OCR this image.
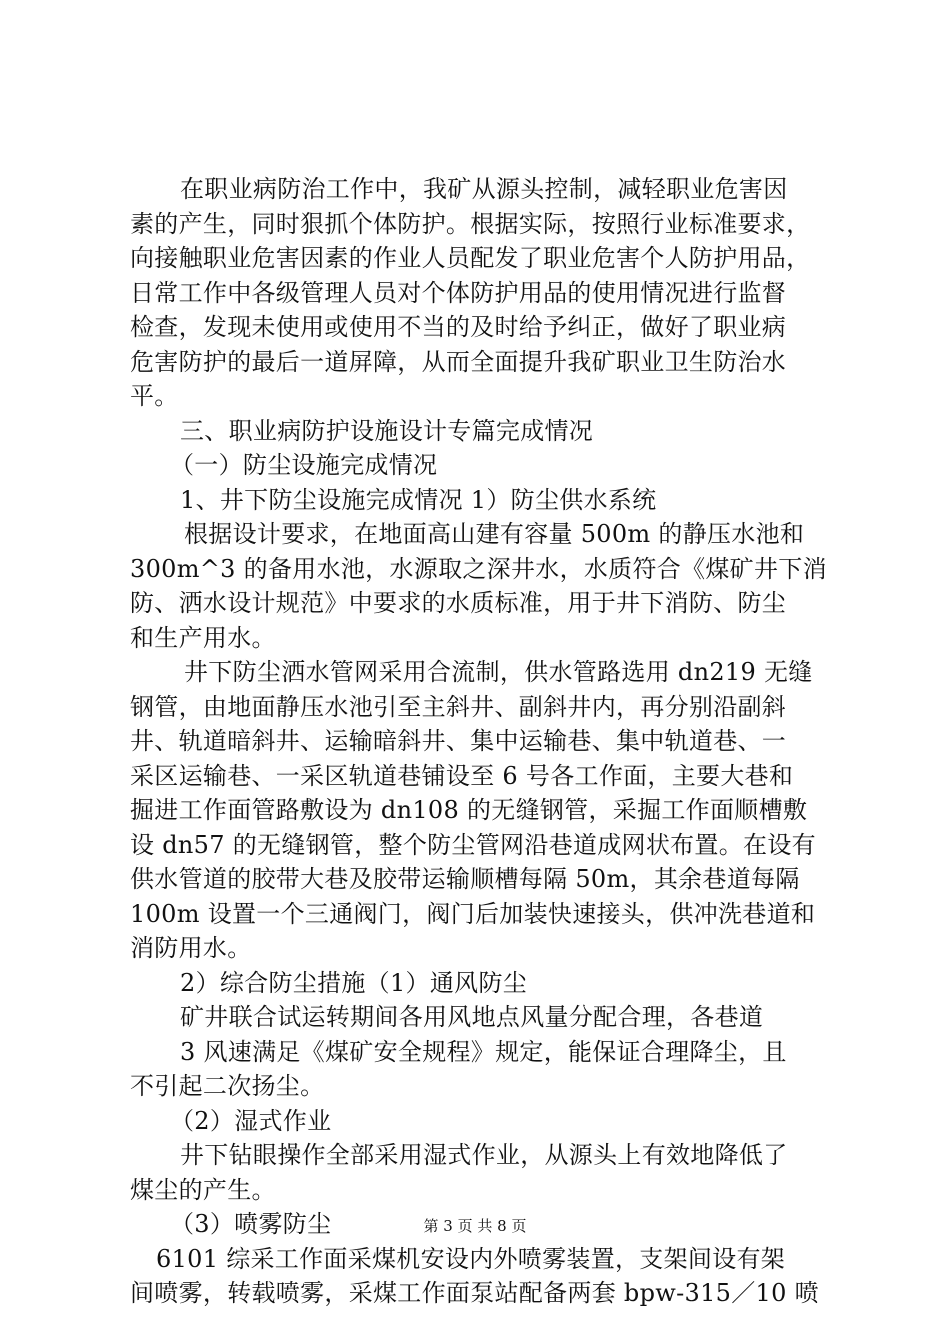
在职业病防治工作中，我矿从源头控制，减轻职业危害因
素的产生，同时狠抓个体防护。根据实际，按照行业标准要求，
向接触职业危害因素的作业人员配发了职业危害个人防护用品，
日常工作中各级管理人员对个体防护用品的使用情况进行监督
检查，发现未使用或使用不当的及时给予纠正，做好了职业病
危害防护的最后一道屏障，从而全面提升我矿职业卫生防治水
平。
三、职业病防护设施设计专篇完成情况
（一）防尘设施完成情况
1、井下防尘设施完成情况 1）防尘供水系统
根据设计要求，在地面高山建有容量 500m 的静压水池和
300m^3 的备用水池，水源取之深井水，水质符合《煤矿井下消
防、洒水设计规范》中要求的水质标准，用于井下消防、防尘
和生产用水。
井下防尘洒水管网采用合流制，供水管路选用 dn219 无缝
钢管，由地面静压水池引至主斜井、副斜井内，再分别沿副斜
井、轨道暗斜井、运输暗斜井、集中运输巷、集中轨道巷、一
采区运输巷、一采区轨道巷铺设至 6 号各工作面，主要大巷和
掘进工作面管路敷设为 dn108 的无缝钢管，采掘工作面顺槽敷
设 dn57 的无缝钢管，整个防尘管网沿巷道成网状布置。在设有
供水管道的胶带大巷及胶带运输顺槽每隔 50m，其余巷道每隔
100m 设置一个三通阀门，阀门后加装快速接头，供冲洗巷道和
消防用水。
2）综合防尘措施（1）通风防尘
矿井联合试运转期间各用风地点风量分配合理，各巷道
3 风速满足《煤矿安全规程》规定，能保证合理降尘，且
不引起二次扬尘。
（2）湿式作业
井下钻眼操作全部采用湿式作业，从源头上有效地降低了
煤尘的产生。
（3）喷雾防尘
6101 综采工作面采煤机安设内外喷雾装置，支架间设有架
间喷雾，转载喷雾，采煤工作面泵站配备两套 bpw-315／10 喷
第 3 页 共 8 页
